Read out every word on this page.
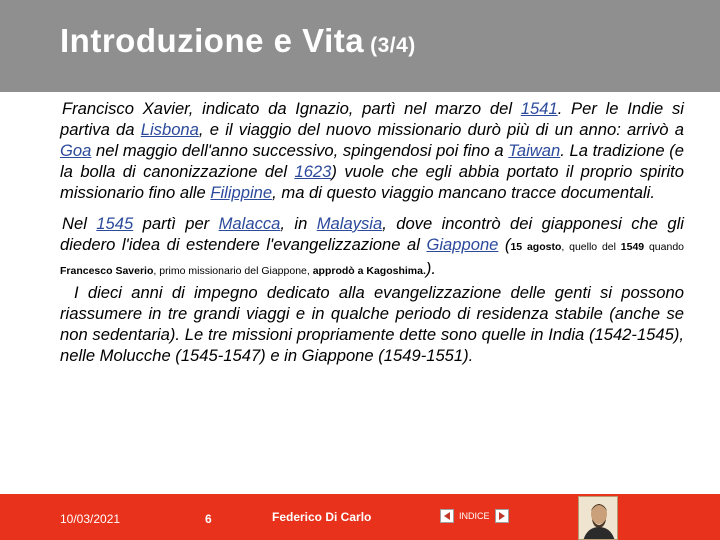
Introduzione e Vita (3/4)

Francisco Xavier, indicato da Ignazio, partì nel marzo del 1541. Per le Indie si partiva da Lisbona, e il viaggio del nuovo missionario durò più di un anno: arrivò a Goa nel maggio dell'anno successivo, spingendosi poi fino a Taiwan. La tradizione (e la bolla di canonizzazione del 1623) vuole che egli abbia portato il proprio spirito missionario fino alle Filippine, ma di questo viaggio mancano tracce documentali.

Nel 1545 partì per Malacca, in Malaysia, dove incontrò dei giapponesi che gli diedero l'idea di estendere l'evangelizzazione al Giappone (15 agosto, quello del 1549 quando Francesco Saverio, primo missionario del Giappone, approdò a Kagoshima.).

I dieci anni di impegno dedicato alla evangelizzazione delle genti si possono riassumere in tre grandi viaggi e in qualche periodo di residenza stabile (anche se non sedentaria). Le tre missioni propriamente dette sono quelle in India (1542-1545), nelle Molucche (1545-1547) e in Giappone (1549-1551).

10/03/2021	6	Federico Di Carlo	INDICE
